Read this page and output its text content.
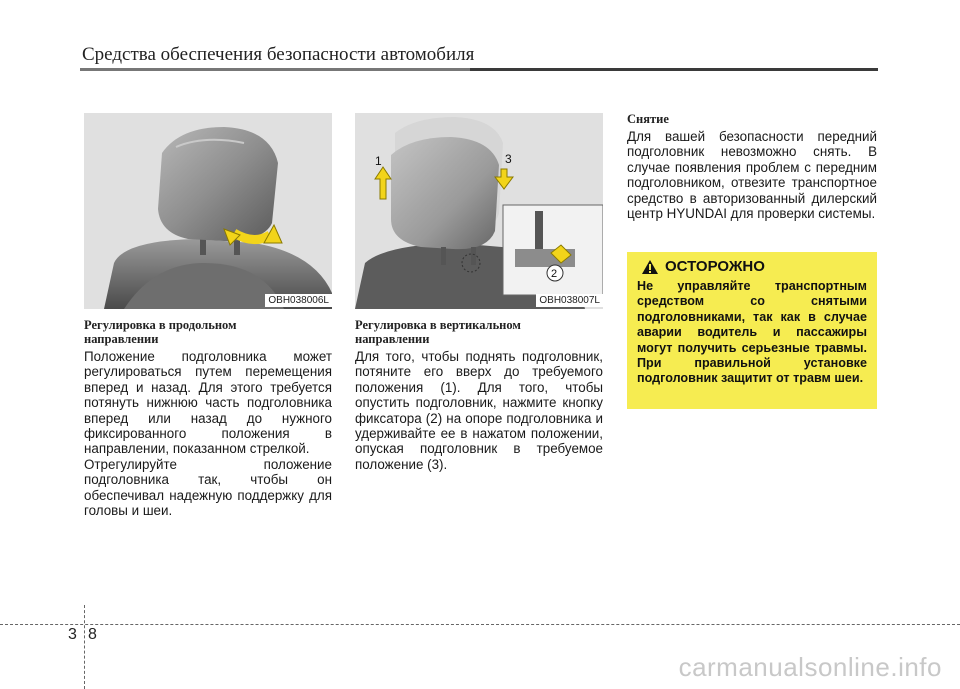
Средства обеспечения безопасности автомобиля
OBH038006L
1	3
2
OBH038007L
Регулировка в продольном направлении

Положение подголовника может регулироваться путем перемещения вперед и назад. Для этого требуется потянуть нижнюю часть подголовника вперед или назад до нужного фиксированного положения в направлении, показанном стрелкой.

Отрегулируйте положение подголовника так, чтобы он обеспечивал надежную поддержку для головы и шеи.

Регулировка в вертикальном направлении

Для того, чтобы поднять подголовник, потяните его вверх до требуемого положения (1). Для того, чтобы опустить подголовник, нажмите кнопку фиксатора (2) на опоре подголовника и удерживайте ее в нажатом положении, опуская подголовник в требуемое положение (3).

Снятие

Для вашей безопасности передний подголовник невозможно снять. В случае появления проблем с передним подголовником, отвезите транспортное средство в авторизованный дилерский центр HYUNDAI для проверки системы.

ОСТОРОЖНО
Не управляйте транспортным средством со снятыми подголовниками, так как в случае аварии водитель и пассажиры могут получить серьезные травмы. При правильной установке подголовник защитит от травм шеи.
3 8
carmanualsonline.info
